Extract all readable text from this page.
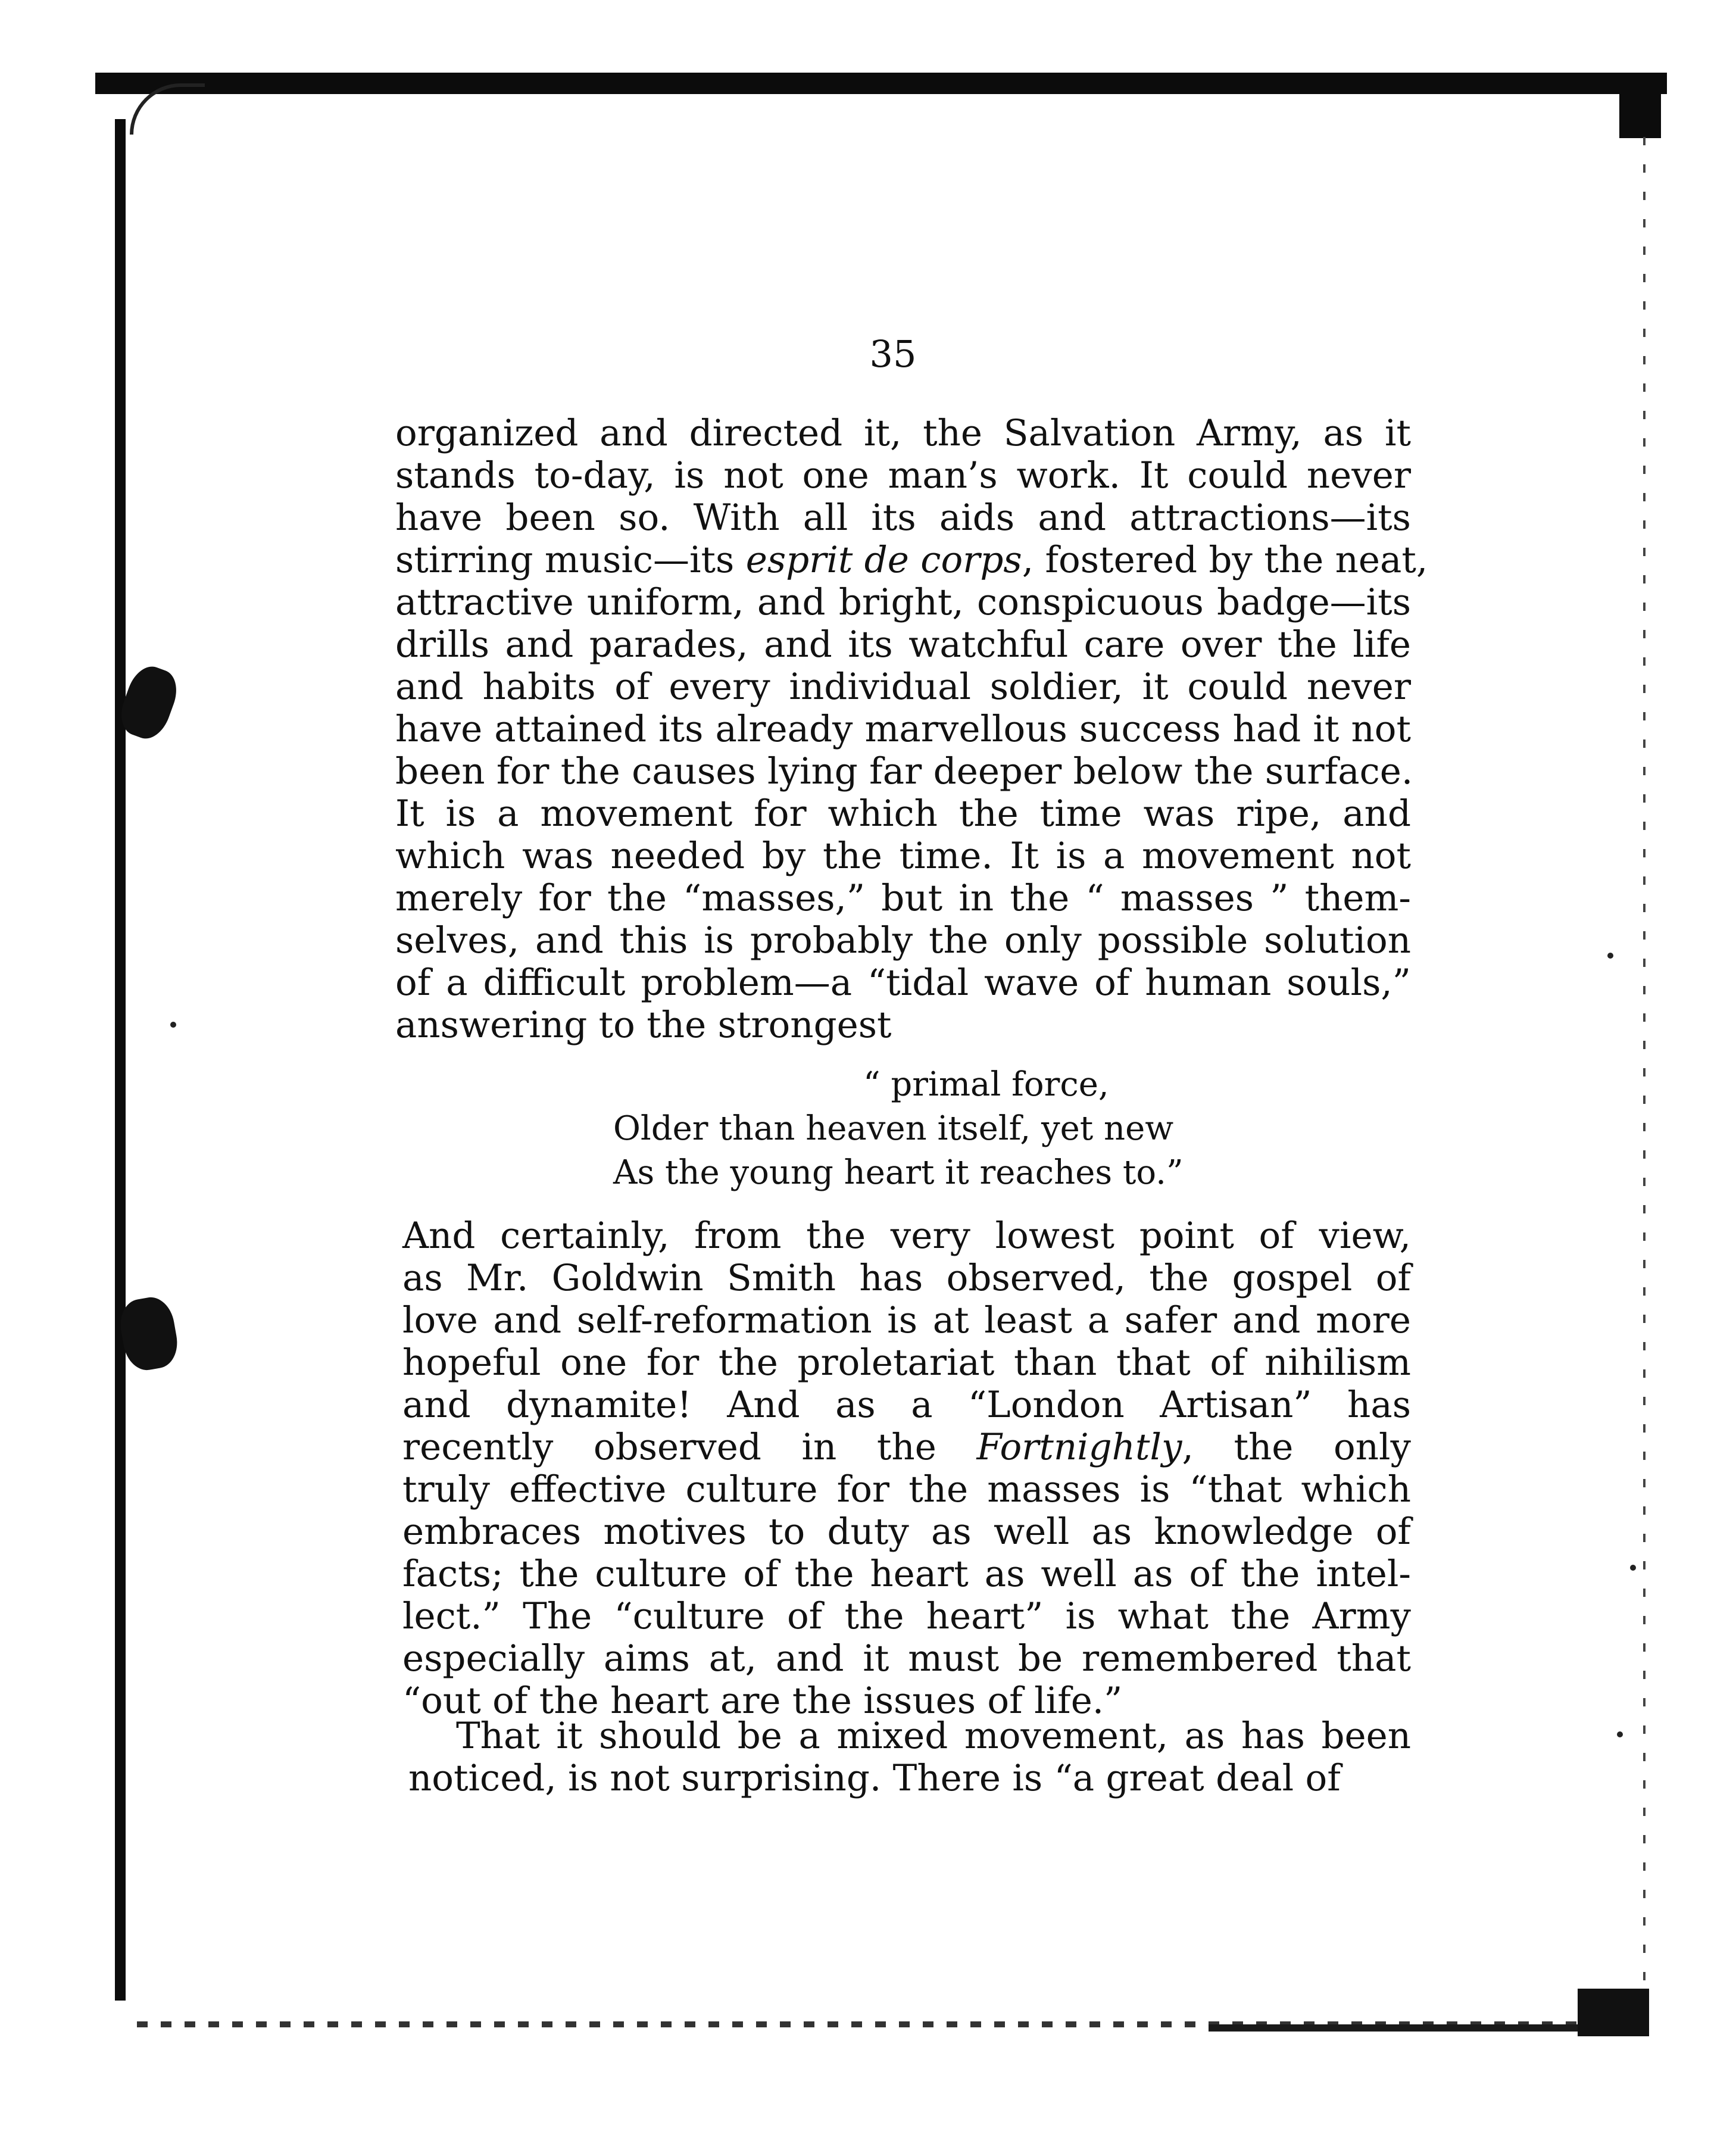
35
organized and directed it, the Salvation Army, as it
stands to-day, is not one man’s work. It could never
have been so. With all its aids and attractions—its
stirring music—its esprit de corps, fostered by the neat,
attractive uniform, and bright, conspicuous badge—its
drills and parades, and its watchful care over the life
and habits of every individual soldier, it could never
have attained its already marvellous success had it not
been for the causes lying far deeper below the surface.
It is a movement for which the time was ripe, and
which was needed by the time. It is a movement not
merely for the “masses,” but in the “ masses ” them-
selves, and this is probably the only possible solution
of a difficult problem—a “tidal wave of human souls,”
answering to the strongest
“ primal force,
Older than heaven itself, yet new
As the young heart it reaches to.”
And certainly, from the very lowest point of view,
as Mr. Goldwin Smith has observed, the gospel of
love and self-reformation is at least a safer and more
hopeful one for the proletariat than that of nihilism
and dynamite! And as a “London Artisan” has
recently observed in the Fortnightly, the only
truly effective culture for the masses is “that which
embraces motives to duty as well as knowledge of
facts; the culture of the heart as well as of the intel-
lect.” The “culture of the heart” is what the Army
especially aims at, and it must be remembered that
“out of the heart are the issues of life.”
That it should be a mixed movement, as has been
noticed, is not surprising. There is “a great deal of
